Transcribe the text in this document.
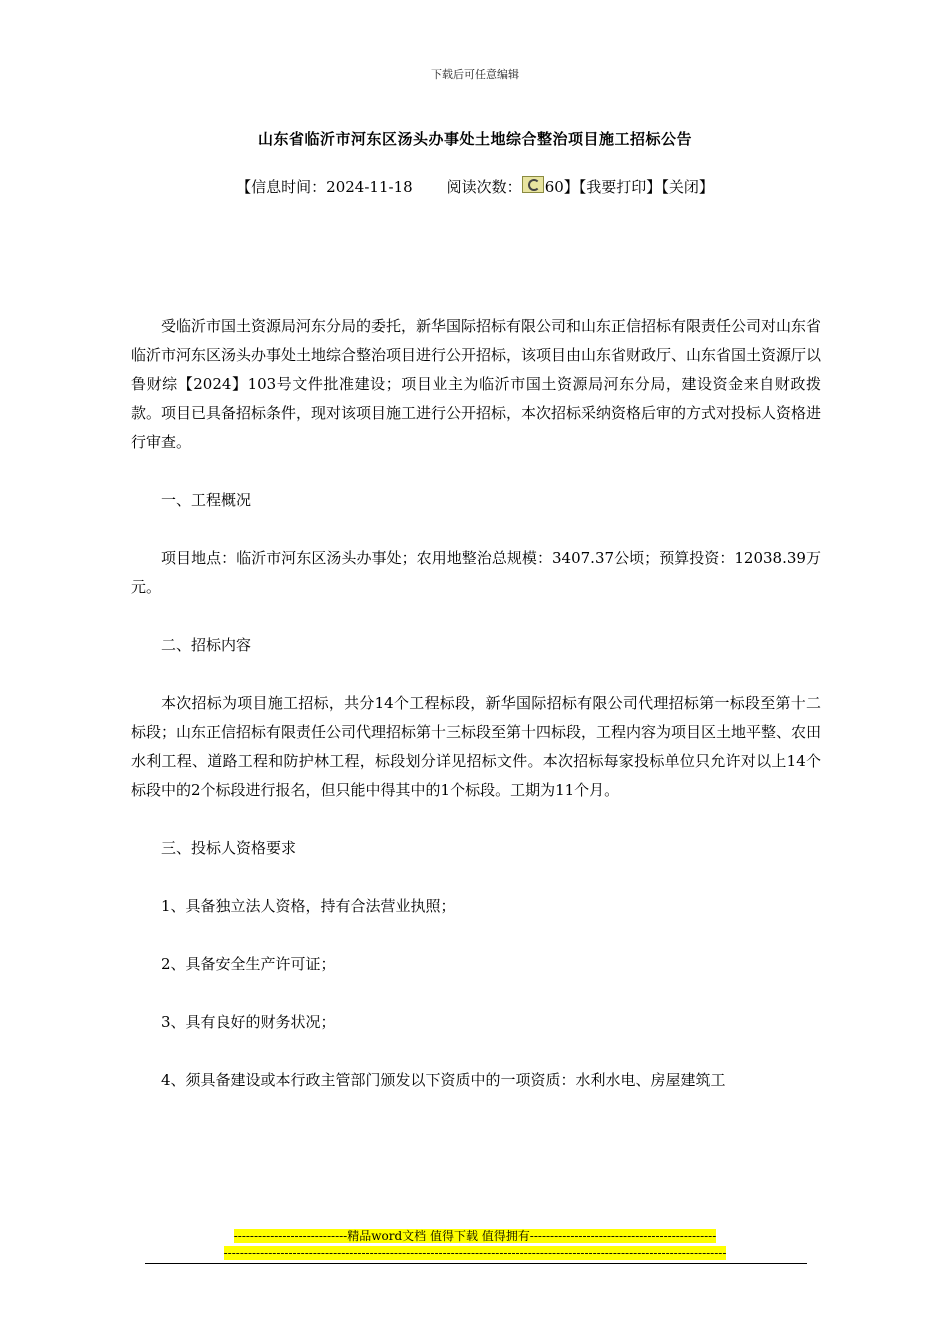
下载后可任意编辑
山东省临沂市河东区汤头办事处土地综合整治项目施工招标公告
【信息时间：2024-11-18 阅读次数： 60】【我要打印】【关闭】

受临沂市国土资源局河东分局的委托，新华国际招标有限公司和山东正信招标有限责任公司对山东省临沂市河东区汤头办事处土地综合整治项目进行公开招标，该项目由山东省财政厅、山东省国土资源厅以鲁财综【2024】103号文件批准建设；项目业主为临沂市国土资源局河东分局，建设资金来自财政拨款。项目已具备招标条件，现对该项目施工进行公开招标，本次招标采纳资格后审的方式对投标人资格进行审查。

一、工程概况

项目地点：临沂市河东区汤头办事处；农用地整治总规模：3407.37公顷；预算投资：12038.39万元。

二、招标内容

本次招标为项目施工招标，共分14个工程标段，新华国际招标有限公司代理招标第一标段至第十二标段；山东正信招标有限责任公司代理招标第十三标段至第十四标段，工程内容为项目区土地平整、农田水利工程、道路工程和防护林工程，标段划分详见招标文件。本次招标每家投标单位只允许对以上14个标段中的2个标段进行报名，但只能中得其中的1个标段。工期为11个月。

三、投标人资格要求

1、具备独立法人资格，持有合法营业执照；

2、具备安全生产许可证；

3、具有良好的财务状况；

4、须具备建设或本行政主管部门颁发以下资质中的一项资质：水利水电、房屋建筑工

----------------------------精品word文档 值得下载 值得拥有----------------------------------------------
----------------------------------------------------------------------------------------------------------------------------
